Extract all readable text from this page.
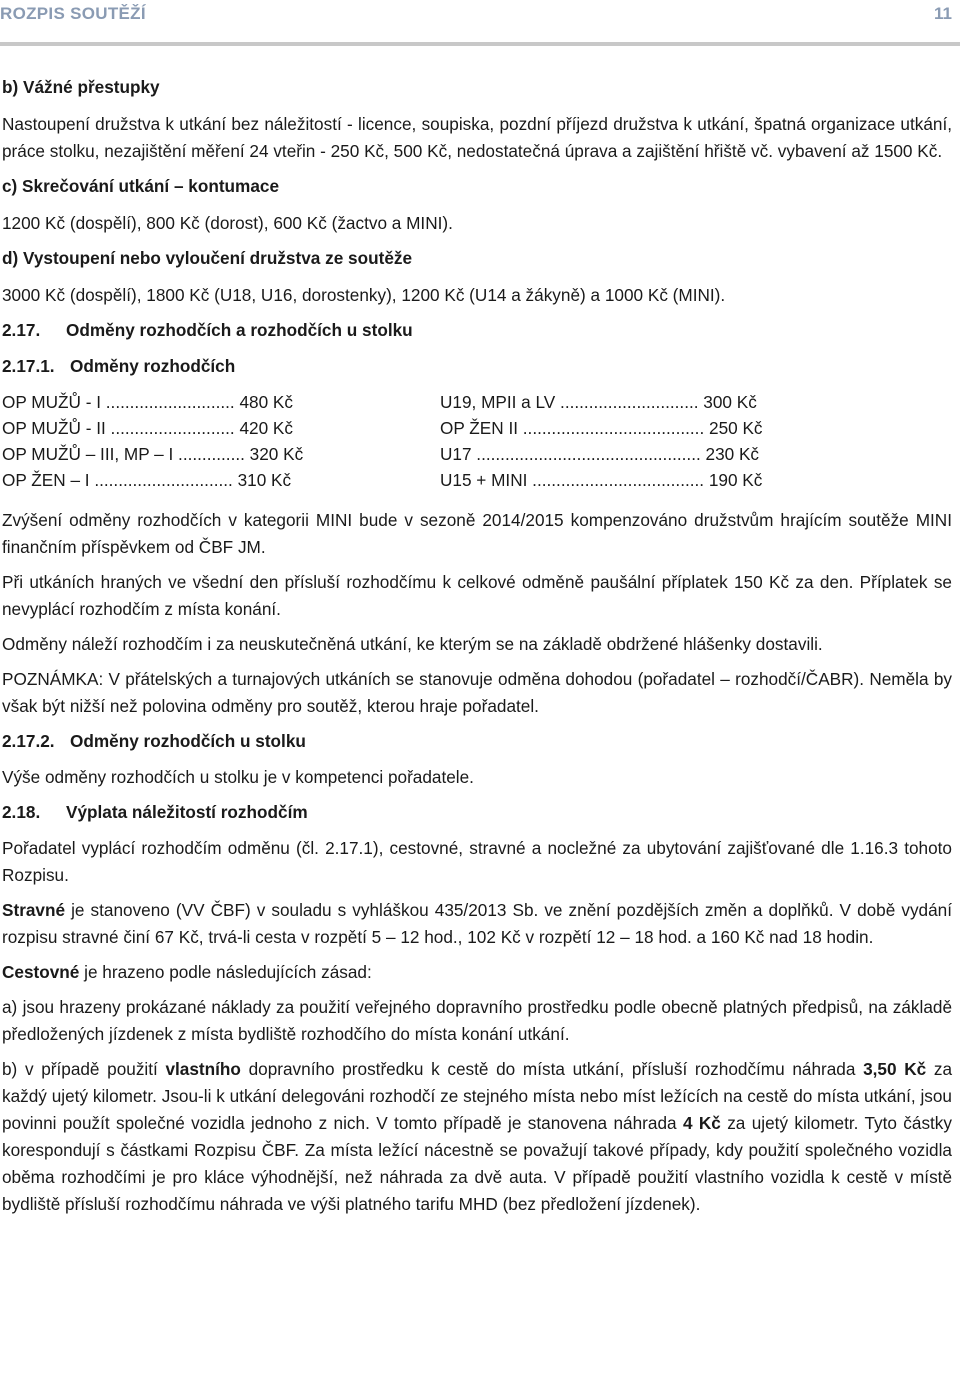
ROZPIS SOUTĚŽÍ	11

b) Vážné přestupky

Nastoupení družstva k utkání bez náležitostí - licence, soupiska, pozdní příjezd družstva k utkání, špatná organizace utkání, práce stolku, nezajištění měření 24 vteřin - 250 Kč, 500 Kč, nedostatečná úprava a zajištění hřiště vč. vybavení až 1500 Kč.

c) Skrečování utkání – kontumace

1200 Kč (dospělí), 800 Kč (dorost), 600 Kč (žactvo a MINI).

d) Vystoupení nebo vyloučení družstva ze soutěže

3000 Kč (dospělí), 1800 Kč (U18, U16, dorostenky), 1200 Kč (U14 a žákyně) a 1000 Kč (MINI).

2.17. Odměny rozhodčích a rozhodčích u stolku
2.17.1. Odměny rozhodčích
OP MUŽŮ - I ........................... 480 Kč
OP MUŽŮ - II .......................... 420 Kč
OP MUŽŮ – III, MP – I .............. 320 Kč
OP ŽEN – I ............................. 310 Kč
U19, MPII a LV ............................. 300 Kč
OP ŽEN II ...................................... 250 Kč
U17 ............................................... 230 Kč
U15 + MINI .................................... 190 Kč

Zvýšení odměny rozhodčích v kategorii MINI bude v sezoně 2014/2015 kompenzováno družstvům hrajícím soutěže MINI finančním příspěvkem od ČBF JM.

Při utkáních hraných ve všední den přísluší rozhodčímu k celkové odměně paušální příplatek 150 Kč za den. Příplatek se nevyplácí rozhodčím z místa konání.

Odměny náleží rozhodčím i za neuskutečněná utkání, ke kterým se na základě obdržené hlášenky dostavili.

POZNÁMKA: V přátelských a turnajových utkáních se stanovuje odměna dohodou (pořadatel – rozhodčí/ČABR). Neměla by však být nižší než polovina odměny pro soutěž, kterou hraje pořadatel.

2.17.2. Odměny rozhodčích u stolku

Výše odměny rozhodčích u stolku je v kompetenci pořadatele.

2.18. Výplata náležitostí rozhodčím

Pořadatel vyplácí rozhodčím odměnu (čl. 2.17.1), cestovné, stravné a nocležné za ubytování zajišťované dle 1.16.3 tohoto Rozpisu.

Stravné je stanoveno (VV ČBF) v souladu s vyhláškou 435/2013 Sb. ve znění pozdějších změn a doplňků. V době vydání rozpisu stravné činí 67 Kč, trvá-li cesta v rozpětí 5 – 12 hod., 102 Kč v rozpětí 12 – 18 hod. a 160 Kč nad 18 hodin.

Cestovné je hrazeno podle následujících zásad:

a) jsou hrazeny prokázané náklady za použití veřejného dopravního prostředku podle obecně platných předpisů, na základě předložených jízdenek z místa bydliště rozhodčího do místa konání utkání.

b) v případě použití vlastního dopravního prostředku k cestě do místa utkání, přísluší rozhodčímu náhrada 3,50 Kč za každý ujetý kilometr. Jsou-li k utkání delegováni rozhodčí ze stejného místa nebo míst ležících na cestě do místa utkání, jsou povinni použít společné vozidla jednoho z nich. V tomto případě je stanovena náhrada 4 Kč za ujetý kilometr. Tyto částky korespondují s částkami Rozpisu ČBF. Za místa ležící nácestně se považují takové případy, kdy použití společného vozidla oběma rozhodčími je pro kláce výhodnější, než náhrada za dvě auta. V případě použití vlastního vozidla k cestě v místě bydliště přísluší rozhodčímu náhrada ve výši platného tarifu MHD (bez předložení jízdenek).
